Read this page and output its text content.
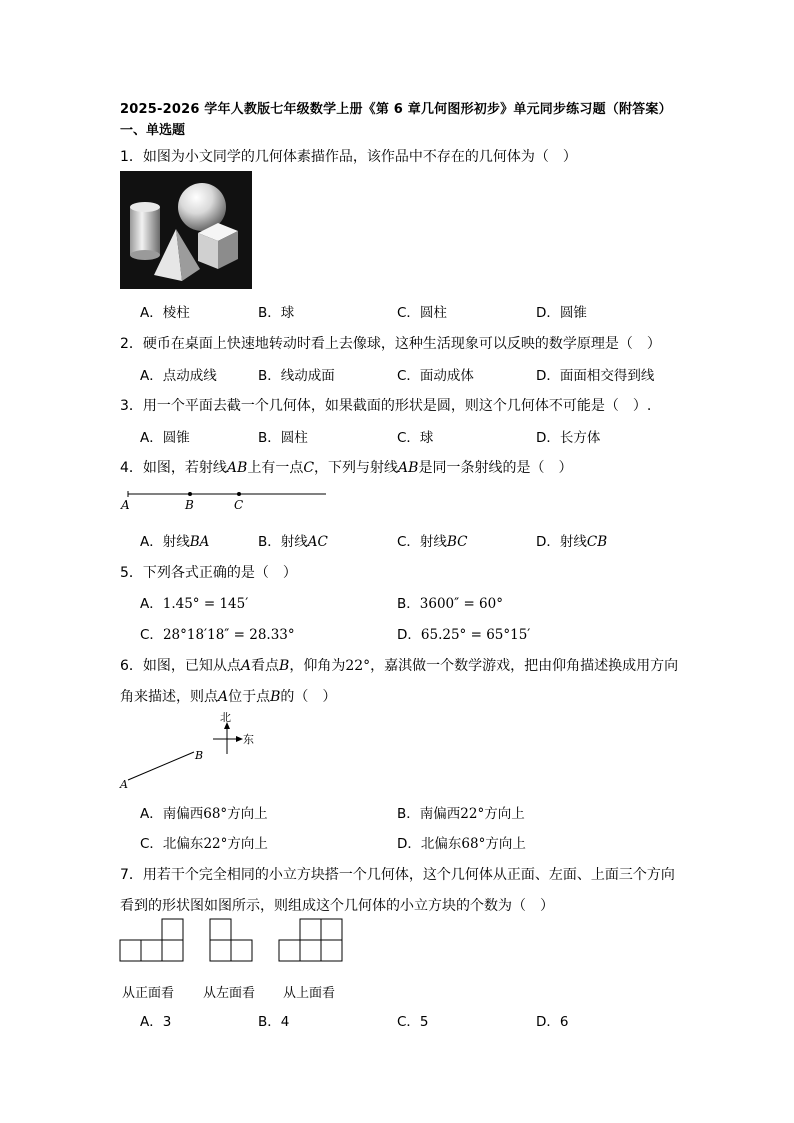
2025-2026 学年人教版七年级数学上册《第 6 章几何图形初步》单元同步练习题（附答案）
一、单选题
1．如图为小文同学的几何体素描作品，该作品中不存在的几何体为（　）
A．棱柱	B．球	C．圆柱	D．圆锥
2．硬币在桌面上快速地转动时看上去像球，这种生活现象可以反映的数学原理是（　）
A．点动成线	B．线动成面	C．面动成体	D．面面相交得到线
3．用一个平面去截一个几何体，如果截面的形状是圆，则这个几何体不可能是（　）.
A．圆锥	B．圆柱	C．球	D．长方体
4．如图，若射线AB上有一点C，下列与射线AB是同一条射线的是（　）
A	B	C
A．射线BA	B．射线AC	C．射线BC	D．射线CB
5．下列各式正确的是（　）
A．1.45° = 145′	B．3600″ = 60°
C．28°18′18″ = 28.33°	D．65.25° = 65°15′
6．如图，已知从点A看点B，仰角为22°，嘉淇做一个数学游戏，把由仰角描述换成用方向
角来描述，则点A位于点B的（　）
A
B
北
东
A．南偏西68°方向上	B．南偏西22°方向上
C．北偏东22°方向上	D．北偏东68°方向上
7．用若干个完全相同的小立方块搭一个几何体，这个几何体从正面、左面、上面三个方向
看到的形状图如图所示，则组成这个几何体的小立方块的个数为（　）
从正面看 从左面看 从上面看
A．3	B．4	C．5	D．6
